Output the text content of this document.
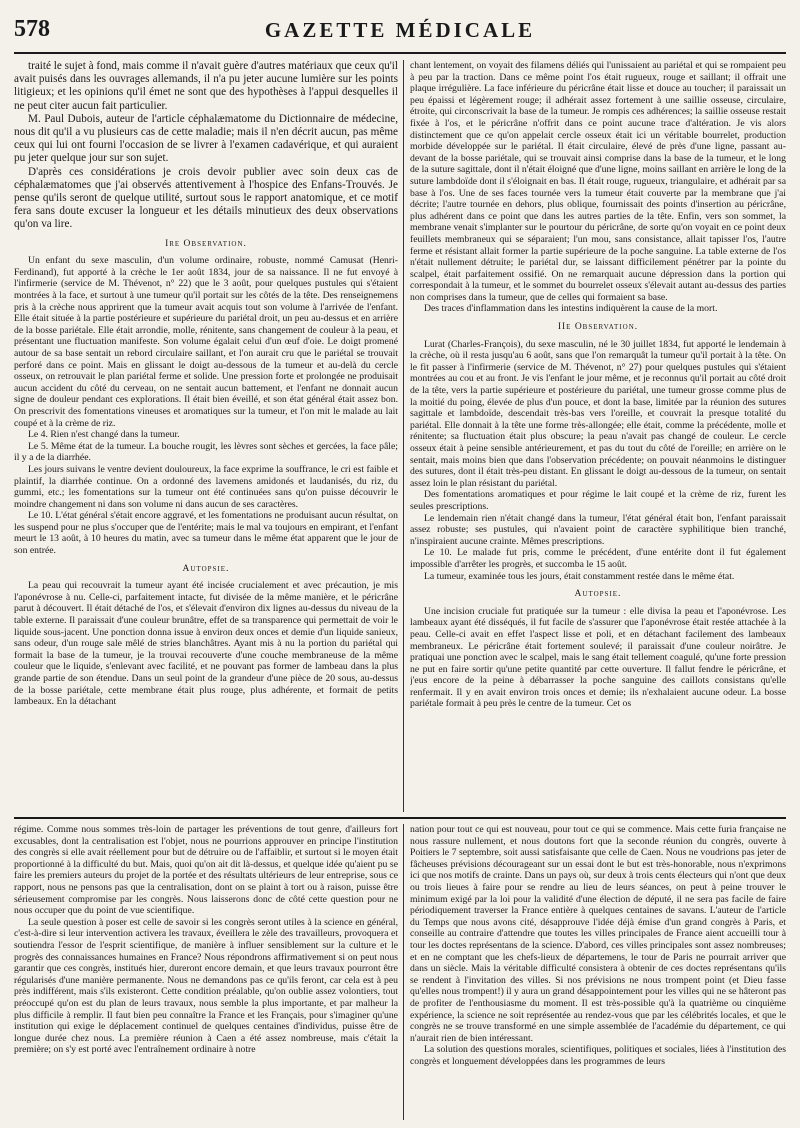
578	GAZETTE MÉDICALE

traité le sujet à fond, mais comme il n'avait guère d'autres matériaux que ceux qu'il avait puisés dans les ouvrages allemands, il n'a pu jeter aucune lumière sur les points litigieux; et les opinions qu'il émet ne sont que des hypothèses à l'appui desquelles il ne peut citer aucun fait particulier.

M. Paul Dubois, auteur de l'article céphalæmatome du Dictionnaire de médecine, nous dit qu'il a vu plusieurs cas de cette maladie; mais il n'en décrit aucun, pas même ceux qui lui ont fourni l'occasion de se livrer à l'examen cadavérique, et qui auraient pu jeter quelque jour sur son sujet.

D'après ces considérations je crois devoir publier avec soin deux cas de céphalæmatomes que j'ai observés attentivement à l'hospice des Enfans-Trouvés. Je pense qu'ils seront de quelque utilité, surtout sous le rapport anatomique, et ce motif fera sans doute excuser la longueur et les détails minutieux des deux observations qu'on va lire.

Ire Observation.

Un enfant du sexe masculin, d'un volume ordinaire, robuste, nommé Camusat (Henri-Ferdinand), fut apporté à la crèche le 1er août 1834, jour de sa naissance. Il ne fut envoyé à l'infirmerie (service de M. Thévenot, n° 22) que le 3 août, pour quelques pustules qui s'étaient montrées à la face, et surtout à une tumeur qu'il portait sur les côtés de la tête. Des renseignemens pris à la crèche nous apprirent que la tumeur avait acquis tout son volume à l'arrivée de l'enfant. Elle était située à la partie postérieure et supérieure du pariétal droit, un peu au-dessus et en arrière de la bosse pariétale. Elle était arrondie, molle, rénitente, sans changement de couleur à la peau, et présentant une fluctuation manifeste. Son volume égalait celui d'un œuf d'oie. Le doigt promené autour de sa base sentait un rebord circulaire saillant, et l'on aurait cru que le pariétal se trouvait perforé dans ce point. Mais en glissant le doigt au-dessous de la tumeur et au-delà du cercle osseux, on retrouvait le plan pariétal ferme et solide. Une pression forte et prolongée ne produisait aucun accident du côté du cerveau, on ne sentait aucun battement, et l'enfant ne donnait aucun signe de douleur pendant ces explorations. Il était bien éveillé, et son état général était assez bon. On prescrivit des fomentations vineuses et aromatiques sur la tumeur, et l'on mit le malade au lait coupé et à la crème de riz.

Le 4. Rien n'est changé dans la tumeur.

Le 5. Même état de la tumeur. La bouche rougit, les lèvres sont sèches et gercées, la face pâle; il y a de la diarrhée.

Les jours suivans le ventre devient douloureux, la face exprime la souffrance, le cri est faible et plaintif, la diarrhée continue. On a ordonné des lavemens amidonés et laudanisés, du riz, du gummi, etc.; les fomentations sur la tumeur ont été continuées sans qu'on puisse découvrir le moindre changement ni dans son volume ni dans aucun de ses caractères.

Le 10. L'état général s'était encore aggravé, et les fomentations ne produisant aucun résultat, on les suspend pour ne plus s'occuper que de l'entérite; mais le mal va toujours en empirant, et l'enfant meurt le 13 août, à 10 heures du matin, avec sa tumeur dans le même état apparent que le jour de son entrée.

Autopsie.

La peau qui recouvrait la tumeur ayant été incisée crucialement et avec précaution, je mis l'aponévrose à nu. Celle-ci, parfaitement intacte, fut divisée de la même manière, et le péricrâne parut à découvert. Il était détaché de l'os, et s'élevait d'environ dix lignes au-dessus du niveau de la table externe. Il paraissait d'une couleur brunâtre, effet de sa transparence qui permettait de voir le liquide sous-jacent. Une ponction donna issue à environ deux onces et demie d'un liquide sanieux, sans odeur, d'un rouge sale mêlé de stries blanchâtres. Ayant mis à nu la portion du pariétal qui formait la base de la tumeur, je la trouvai recouverte d'une couche membraneuse de la même couleur que le liquide, s'enlevant avec facilité, et ne pouvant pas former de lambeau dans la plus grande partie de son étendue. Dans un seul point de la grandeur d'une pièce de 20 sous, au-dessus de la bosse pariétale, cette membrane était plus rouge, plus adhérente, et formait de petits lambeaux. En la détachant

chant lentement, on voyait des filamens déliés qui l'unissaient au pariétal et qui se rompaient peu à peu par la traction. Dans ce même point l'os était rugueux, rouge et saillant; il offrait une plaque irrégulière. La face inférieure du péricrâne était lisse et douce au toucher; il paraissait un peu épaissi et légèrement rouge; il adhérait assez fortement à une saillie osseuse, circulaire, étroite, qui circonscrivait la base de la tumeur. Je rompis ces adhérences; la saillie osseuse restait fixée à l'os, et le péricrâne n'offrit dans ce point aucune trace d'altération. Je vis alors distinctement que ce qu'on appelait cercle osseux était ici un véritable bourrelet, production morbide développée sur le pariétal. Il était circulaire, élevé de près d'une ligne, passant au-devant de la bosse pariétale, qui se trouvait ainsi comprise dans la base de la tumeur, et le long de la suture sagittale, dont il n'était éloigné que d'une ligne, moins saillant en arrière le long de la suture lambdoïde dont il s'éloignait en bas. Il était rouge, rugueux, triangulaire, et adhérait par sa base à l'os. Une de ses faces tournée vers la tumeur était couverte par la membrane que j'ai décrite; l'autre tournée en dehors, plus oblique, fournissait des points d'insertion au péricrâne, plus adhérent dans ce point que dans les autres parties de la tête. Enfin, vers son sommet, la membrane venait s'implanter sur le pourtour du péricrâne, de sorte qu'on voyait en ce point deux feuillets membraneux qui se séparaient; l'un mou, sans consistance, allait tapisser l'os, l'autre ferme et résistant allait former la partie supérieure de la poche sanguine. La table externe de l'os n'était nullement détruite; le pariétal dur, se laissant difficilement pénétrer par la pointe du scalpel, était parfaitement ossifié. On ne remarquait aucune dépression dans la portion qui correspondait à la tumeur, et le sommet du bourrelet osseux s'élevait autant au-dessus des parties non comprises dans la tumeur, que de celles qui formaient sa base.

Des traces d'inflammation dans les intestins indiquèrent la cause de la mort.

IIe Observation.

Lurat (Charles-François), du sexe masculin, né le 30 juillet 1834, fut apporté le lendemain à la crèche, où il resta jusqu'au 6 août, sans que l'on remarquât la tumeur qu'il portait à la tête. On le fit passer à l'infirmerie (service de M. Thévenot, n° 27) pour quelques pustules qui s'étaient montrées au cou et au front. Je vis l'enfant le jour même, et je reconnus qu'il portait au côté droit de la tête, vers la partie supérieure et postérieure du pariétal, une tumeur grosse comme plus de la moitié du poing, élevée de plus d'un pouce, et dont la base, limitée par la réunion des sutures sagittale et lambdoïde, descendait très-bas vers l'oreille, et couvrait la presque totalité du pariétal. Elle donnait à la tête une forme très-allongée; elle était, comme la précédente, molle et rénitente; sa fluctuation était plus obscure; la peau n'avait pas changé de couleur. Le cercle osseux était à peine sensible antérieurement, et pas du tout du côté de l'oreille; en arrière on le sentait, mais moins bien que dans l'observation précédente; on pouvait néanmoins le distinguer des sutures, dont il était très-peu distant. En glissant le doigt au-dessous de la tumeur, on sentait assez loin le plan résistant du pariétal.

Des fomentations aromatiques et pour régime le lait coupé et la crème de riz, furent les seules prescriptions.

Le lendemain rien n'était changé dans la tumeur, l'état général était bon, l'enfant paraissait assez robuste; ses pustules, qui n'avaient point de caractère syphilitique bien tranché, n'inspiraient aucune crainte. Mêmes prescriptions.

Le 10. Le malade fut pris, comme le précédent, d'une entérite dont il fut également impossible d'arrêter les progrès, et succomba le 15 août.

La tumeur, examinée tous les jours, était constamment restée dans le même état.

Autopsie.

Une incision cruciale fut pratiquée sur la tumeur : elle divisa la peau et l'aponévrose. Les lambeaux ayant été disséqués, il fut facile de s'assurer que l'aponévrose était restée attachée à la peau. Celle-ci avait en effet l'aspect lisse et poli, et en détachant facilement des lambeaux membraneux. Le péricrâne était fortement soulevé; il paraissait d'une couleur noirâtre. Je pratiquai une ponction avec le scalpel, mais le sang était tellement coagulé, qu'une forte pression ne put en faire sortir qu'une petite quantité par cette ouverture. Il fallut fendre le péricrâne, et j'eus encore de la peine à débarrasser la poche sanguine des caillots consistans qu'elle renfermait. Il y en avait environ trois onces et demie; ils n'exhalaient aucune odeur. La bosse pariétale formait à peu près le centre de la tumeur. Cet os

régime. Comme nous sommes très-loin de partager les préventions de tout genre, d'ailleurs fort excusables, dont la centralisation est l'objet, nous ne pourrions approuver en principe l'institution des congrès si elle avait réellement pour but de détruire ou de l'affaiblir, et surtout si le moyen était proportionné à la difficulté du but. Mais, quoi qu'on ait dit là-dessus, et quelque idée qu'aient pu se faire les premiers auteurs du projet de la portée et des résultats ultérieurs de leur entreprise, sous ce rapport, nous ne pensons pas que la centralisation, dont on se plaint à tort ou à raison, puisse être sérieusement compromise par les congrès. Nous laisserons donc de côté cette question pour ne nous occuper que du point de vue scientifique.

La seule question à poser est celle de savoir si les congrès seront utiles à la science en général, c'est-à-dire si leur intervention activera les travaux, éveillera le zèle des travailleurs, provoquera et soutiendra l'essor de l'esprit scientifique, de manière à influer sensiblement sur la culture et le progrès des connaissances humaines en France? Nous répondrons affirmativement si on peut nous garantir que ces congrès, institués hier, dureront encore demain, et que leurs travaux pourront être régularisés d'une manière permanente. Nous ne demandons pas ce qu'ils feront, car cela est à peu près indifférent, mais s'ils existeront. Cette condition préalable, qu'on oublie assez volontiers, tout préoccupé qu'on est du plan de leurs travaux, nous semble la plus importante, et par malheur la plus difficile à remplir. Il faut bien peu connaître la France et les Français, pour s'imaginer qu'une institution qui exige le déplacement continuel de quelques centaines d'individus, puisse être de longue durée chez nous. La première réunion à Caen a été assez nombreuse, mais c'était la première; on s'y est porté avec l'entraînement ordinaire à notre

nation pour tout ce qui est nouveau, pour tout ce qui se commence. Mais cette furia française ne nous rassure nullement, et nous doutons fort que la seconde réunion du congrès, ouverte à Poitiers le 7 septembre, soit aussi satisfaisante que celle de Caen. Nous ne voudrions pas jeter de fâcheuses prévisions décourageant sur un essai dont le but est très-honorable, nous n'exprimons ici que nos motifs de crainte. Dans un pays où, sur deux à trois cents électeurs qui n'ont que deux ou trois lieues à faire pour se rendre au lieu de leurs séances, on peut à peine trouver le minimum exigé par la loi pour la validité d'une élection de député, il ne sera pas facile de faire périodiquement traverser la France entière à quelques centaines de savans. L'auteur de l'article du Temps que nous avons cité, désapprouve l'idée déjà émise d'un grand congrès à Paris, et conseille au contraire d'attendre que toutes les villes principales de France aient accueilli tour à tour les doctes représentans de la science. D'abord, ces villes principales sont assez nombreuses; et en ne comptant que les chefs-lieux de départemens, le tour de Paris ne pourrait arriver que dans un siècle. Mais la véritable difficulté consistera à obtenir de ces doctes représentans qu'ils se rendent à l'invitation des villes. Si nos prévisions ne nous trompent point (et Dieu fasse qu'elles nous trompent!) il y aura un grand désappointement pour les villes qui ne se hâteront pas de profiter de l'enthousiasme du moment. Il est très-possible qu'à la quatrième ou cinquième expérience, la science ne soit représentée au rendez-vous que par les célébrités locales, et que le congrès ne se trouve transformé en une simple assemblée de l'académie du département, ce qui n'aurait rien de bien intéressant.

La solution des questions morales, scientifiques, politiques et sociales, liées à l'institution des congrès et longuement développées dans les programmes de leurs
